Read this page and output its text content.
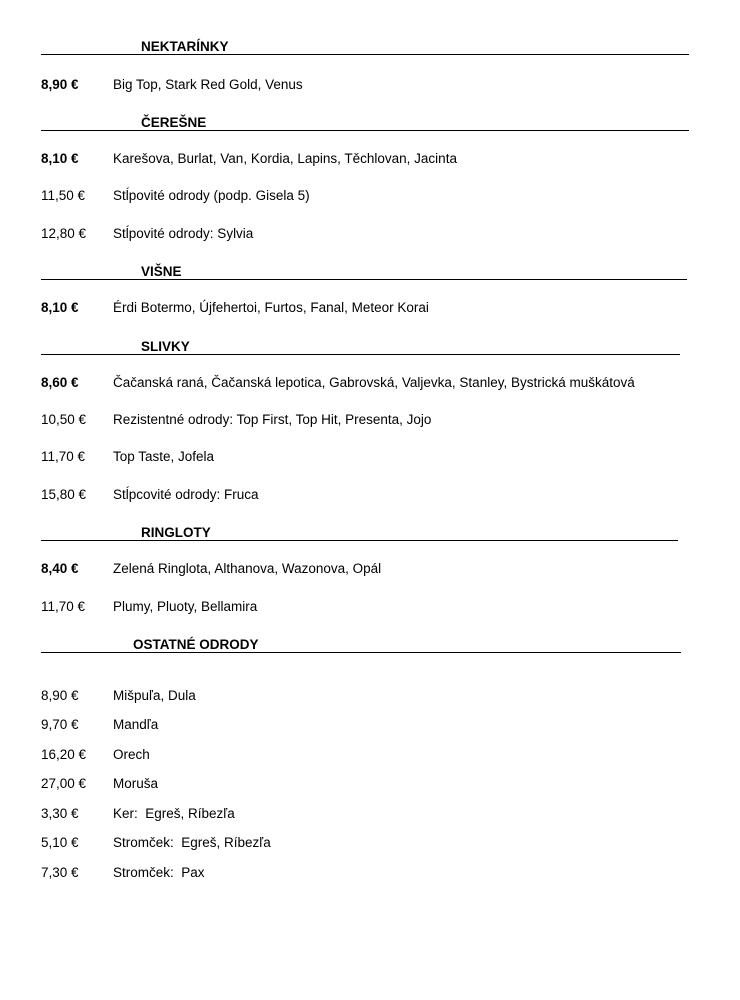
NEKTARÍNKY
8,90 €	Big Top, Stark Red Gold, Venus
ČEREŠNE
8,10 €	Karešova, Burlat, Van, Kordia, Lapins, Těchlovan, Jacinta
11,50 € Stĺpovité odrody (podp. Gisela 5)
12,80 € Stĺpovité odrody: Sylvia
VIŠNE
8,10 €	Érdi Botermo, Újfehertoi, Furtos, Fanal, Meteor Korai
SLIVKY
8,60 €	Čačanská raná, Čačanská lepotica, Gabrovská, Valjevka, Stanley, Bystrická muškátová
10,50 € Rezistentné odrody: Top First, Top Hit, Presenta, Jojo
11,70 € Top Taste, Jofela
15,80 € Stĺpcovité odrody: Fruca
RINGLOTY
8,40 €	Zelená Ringlota, Althanova, Wazonova, Opál
11,70 € Plumy, Pluoty, Bellamira
OSTATNÉ ODRODY
8,90 €	Mišpuľa, Dula
9,70 €	Mandľa
16,20 € Orech
27,00 € Moruša
3,30 €	Ker:  Egreš, Ríbezľa
5,10 €	Stromček:  Egreš, Ríbezľa
7,30 €	Stromček:  Pax
